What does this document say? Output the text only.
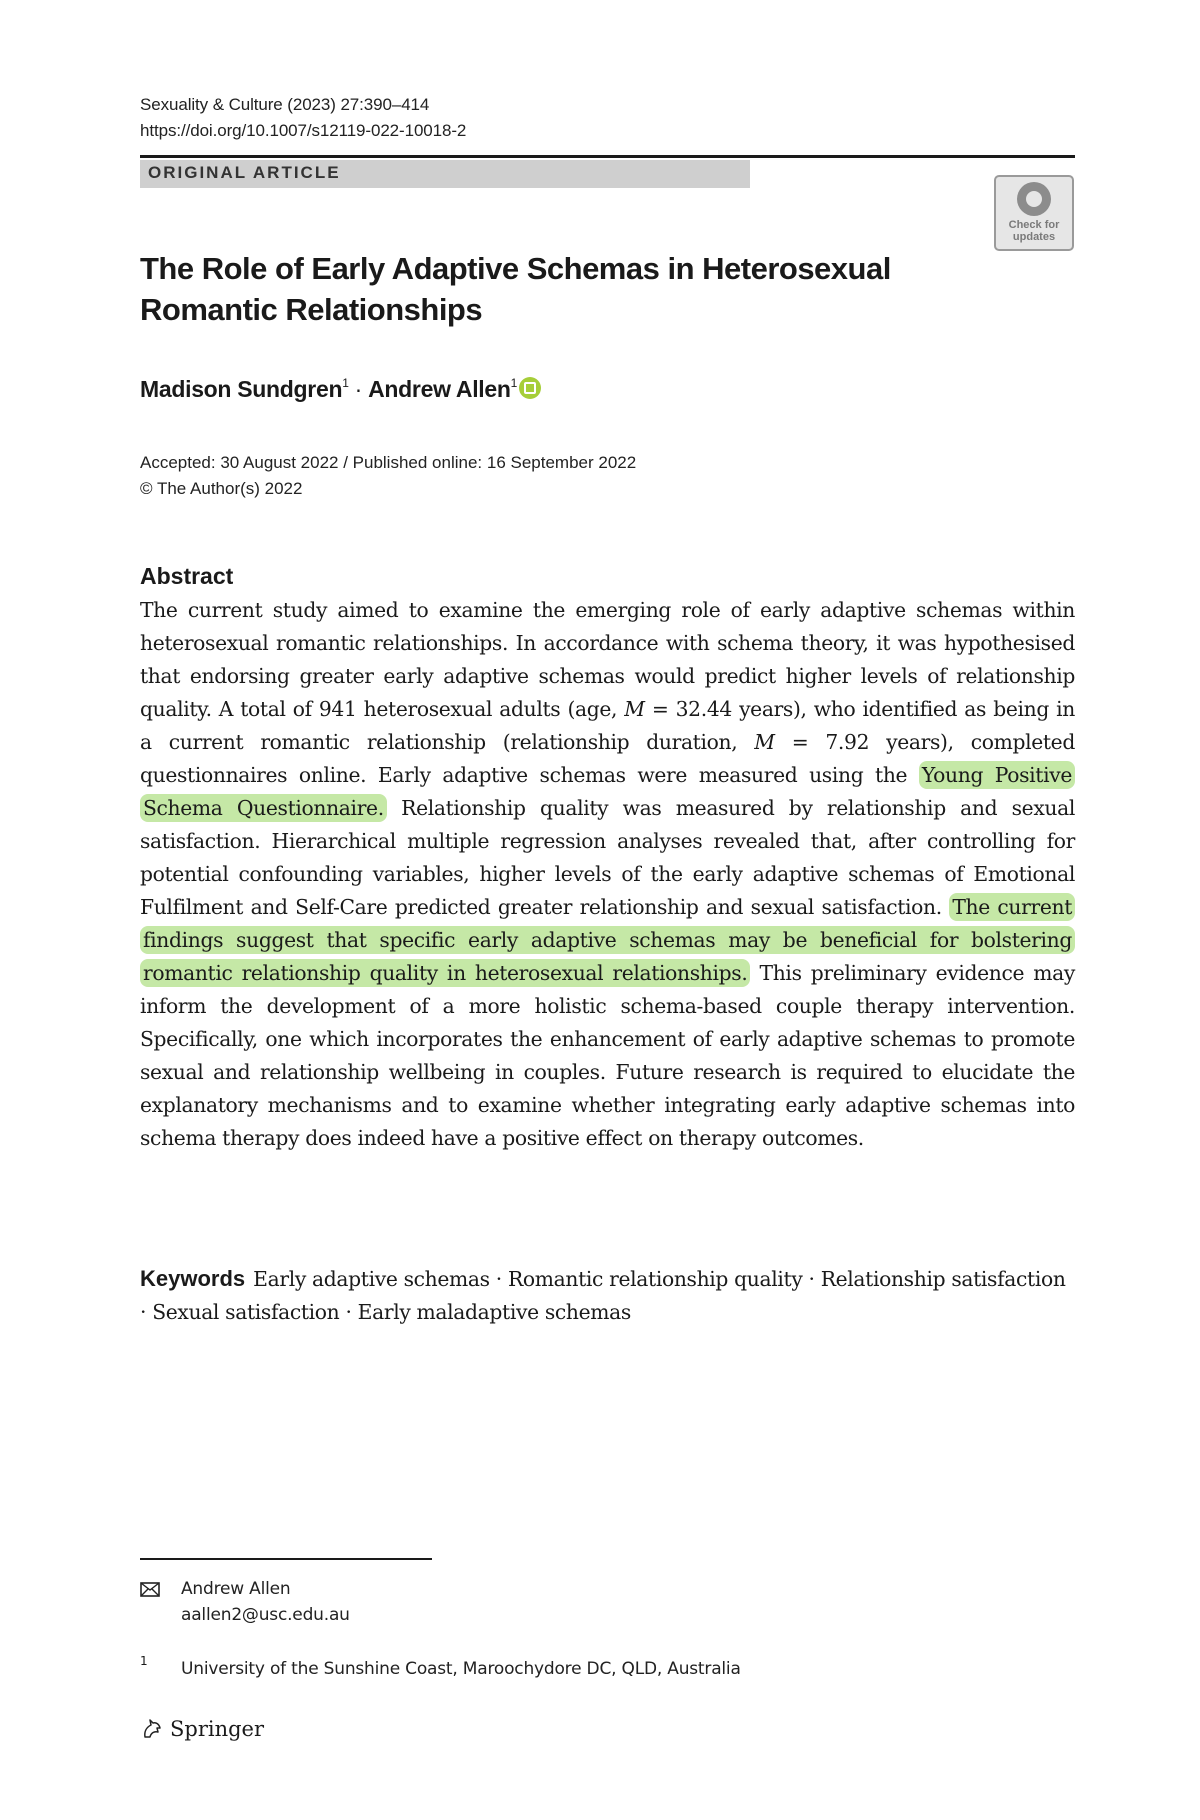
Sexuality & Culture (2023) 27:390–414
https://doi.org/10.1007/s12119-022-10018-2
ORIGINAL ARTICLE
Check for
updates
The Role of Early Adaptive Schemas in Heterosexual
Romantic Relationships
Madison Sundgren$^1$ · Andrew Allen$^1$
Accepted: 30 August 2022 / Published online: 16 September 2022
© The Author(s) 2022
Abstract
The current study aimed to examine the emerging role of early adaptive schemas within heterosexual romantic relationships. In accordance with schema theory, it was hypothesised that endorsing greater early adaptive schemas would predict higher levels of relationship quality. A total of 941 heterosexual adults (age, M = 32.44 years), who identified as being in a current romantic relationship (relationship duration, M = 7.92 years), completed questionnaires online. Early adaptive schemas were measured using the Young Positive Schema Questionnaire. Relationship quality was measured by relationship and sexual satisfaction. Hierarchical multiple regression analyses revealed that, after controlling for potential confounding variables, higher levels of the early adaptive schemas of Emotional Fulfilment and Self-Care predicted greater relationship and sexual satisfaction. The current findings suggest that specific early adaptive schemas may be beneficial for bolstering romantic relationship quality in heterosexual relationships. This preliminary evidence may inform the development of a more holistic schema-based couple therapy intervention. Specifically, one which incorporates the enhancement of early adaptive schemas to promote sexual and relationship wellbeing in couples. Future research is required to elucidate the explanatory mechanisms and to examine whether integrating early adaptive schemas into schema therapy does indeed have a positive effect on therapy outcomes.
Keywords Early adaptive schemas · Romantic relationship quality · Relationship satisfaction · Sexual satisfaction · Early maladaptive schemas
Andrew Allen
aallen2@usc.edu.au
1 University of the Sunshine Coast, Maroochydore DC, QLD, Australia
Springer
